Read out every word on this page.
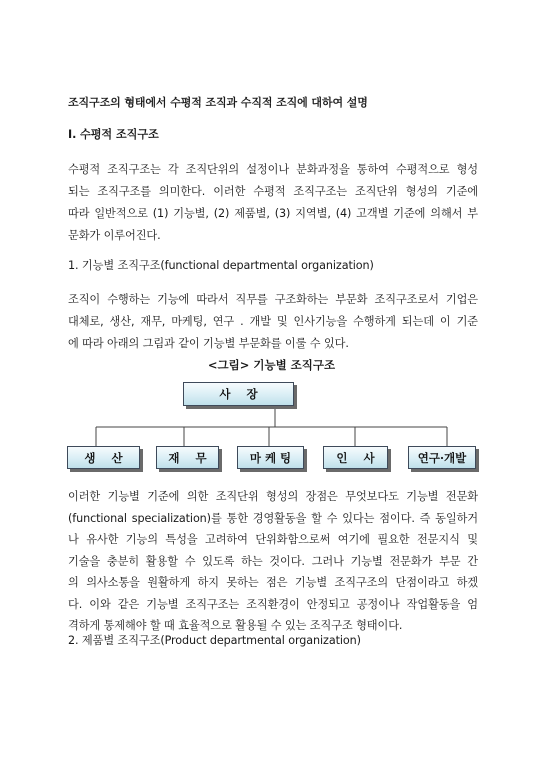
조직구조의 형태에서 수평적 조직과 수직적 조직에 대하여 설명
I. 수평적 조직구조
수평적 조직구조는 각 조직단위의 설정이나 분화과정을 통하여 수평적으로 형성
되는 조직구조를 의미한다. 이러한 수평적 조직구조는 조직단위 형성의 기준에
따라 일반적으로 (1) 기능별, (2) 제품별, (3) 지역별, (4) 고객별 기준에 의해서 부
문화가 이루어진다.
1. 기능별 조직구조(functional departmental organization)
조직이 수행하는 기능에 따라서 직무를 구조화하는 부문화 조직구조로서 기업은
대체로, 생산, 재무, 마케팅, 연구 . 개발 및 인사기능을 수행하게 되는데 이 기준
에 따라 아래의 그림과 같이 기능별 부문화를 이룰 수 있다.
<그림> 기능별 조직구조
사    장
생    산	재    무	마 케 팅	인    사	연구·개발
이러한 기능별 기준에 의한 조직단위 형성의 장점은 무엇보다도 기능별 전문화
(functional specialization)를 통한 경영활동을 할 수 있다는 점이다. 즉 동일하거
나 유사한 기능의 특성을 고려하여 단위화함으로써 여기에 필요한 전문지식 및
기술을 충분히 활용할 수 있도록 하는 것이다. 그러나 기능별 전문화가 부문 간
의 의사소통을 원활하게 하지 못하는 점은 기능별 조직구조의 단점이라고 하겠
다. 이와 같은 기능별 조직구조는 조직환경이 안정되고 공정이나 작업활동을 엄
격하게 통제해야 할 때 효율적으로 활용될 수 있는 조직구조 형태이다.
2. 제품별 조직구조(Product departmental organization)
